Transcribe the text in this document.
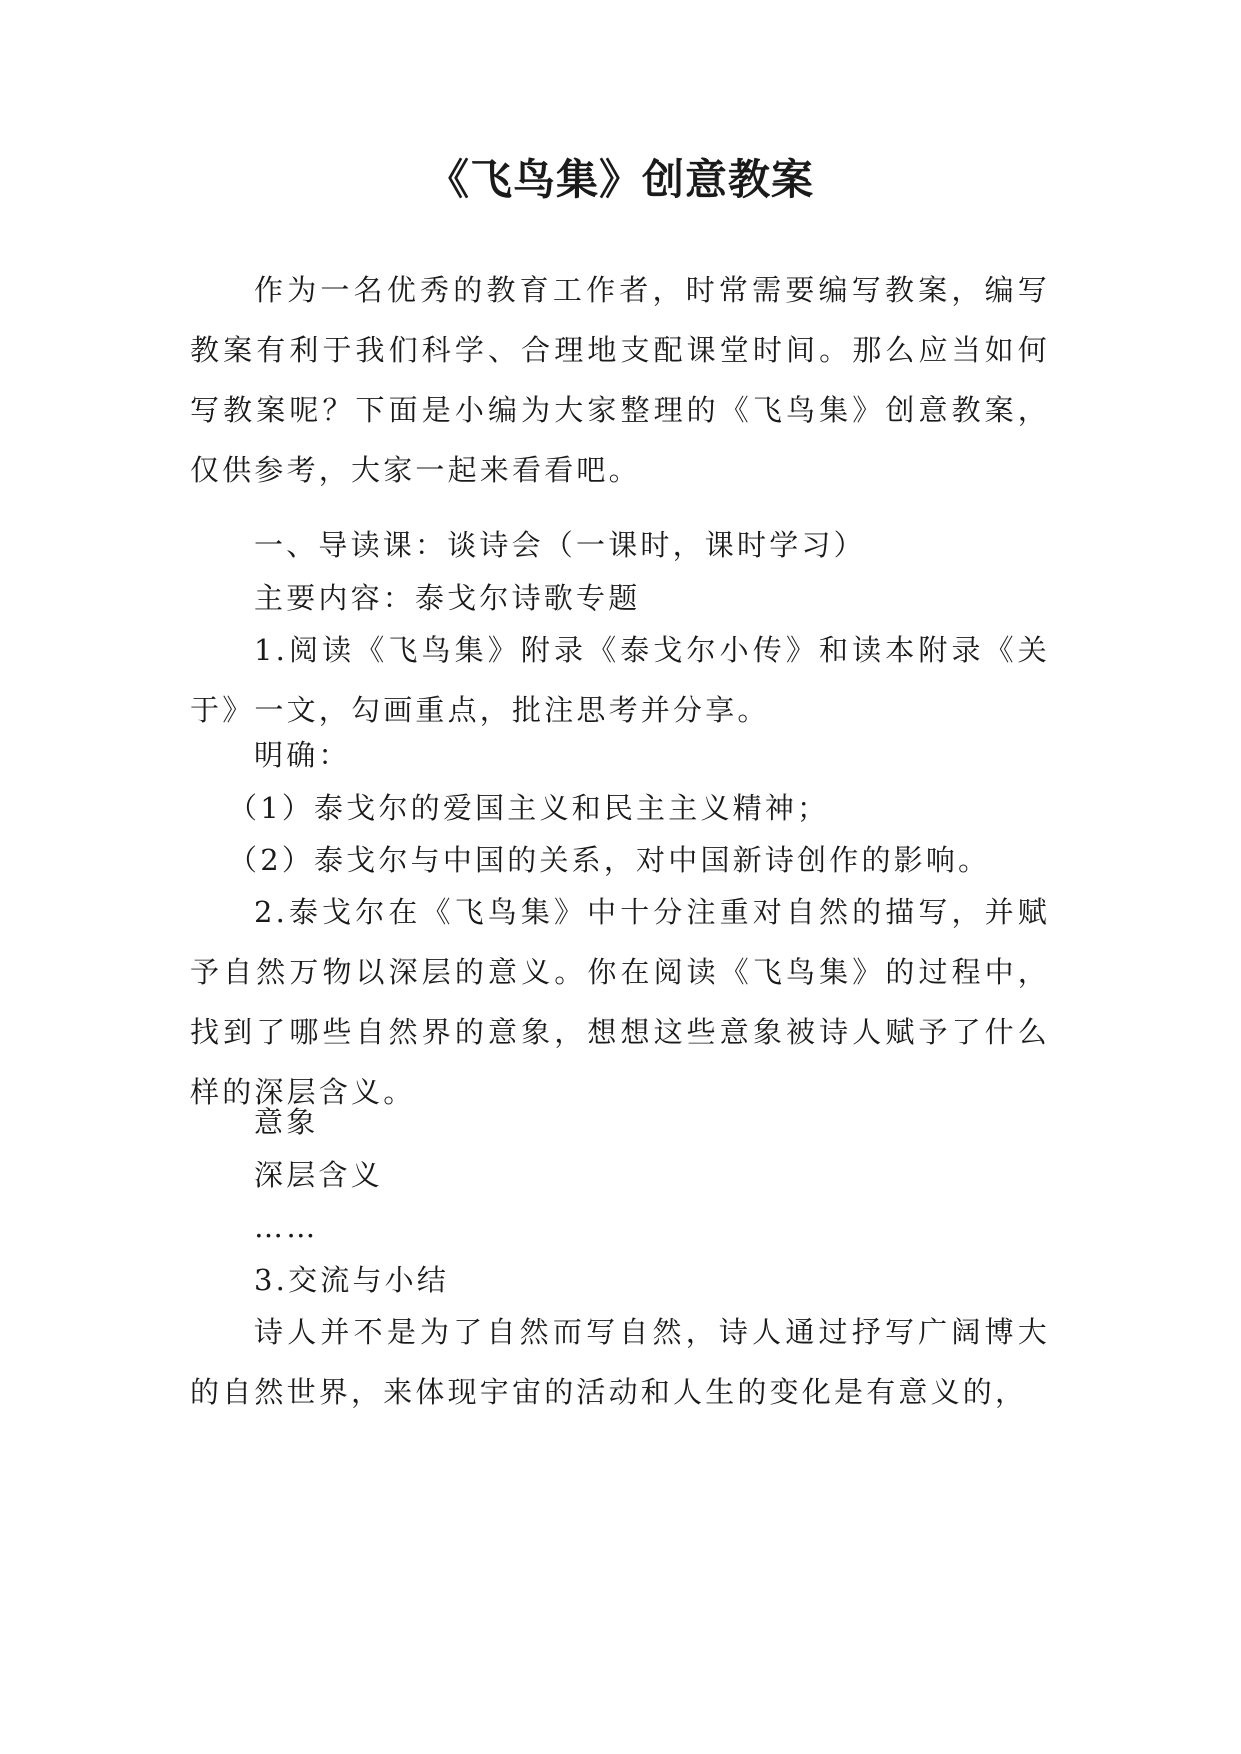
《飞鸟集》创意教案

作为一名优秀的教育工作者，时常需要编写教案，编写教案有利于我们科学、合理地支配课堂时间。那么应当如何写教案呢？下面是小编为大家整理的《飞鸟集》创意教案，仅供参考，大家一起来看看吧。

一、导读课：谈诗会（一课时，课时学习）
主要内容：泰戈尔诗歌专题

1.阅读《飞鸟集》附录《泰戈尔小传》和读本附录《关于》一文，勾画重点，批注思考并分享。

明确：
（1）泰戈尔的爱国主义和民主主义精神；
（2）泰戈尔与中国的关系，对中国新诗创作的影响。

2.泰戈尔在《飞鸟集》中十分注重对自然的描写，并赋予自然万物以深层的意义。你在阅读《飞鸟集》的过程中，找到了哪些自然界的意象，想想这些意象被诗人赋予了什么样的深层含义。

意象
深层含义
……
3.交流与小结

诗人并不是为了自然而写自然，诗人通过抒写广阔博大的自然世界，来体现宇宙的活动和人生的变化是有意义的，
